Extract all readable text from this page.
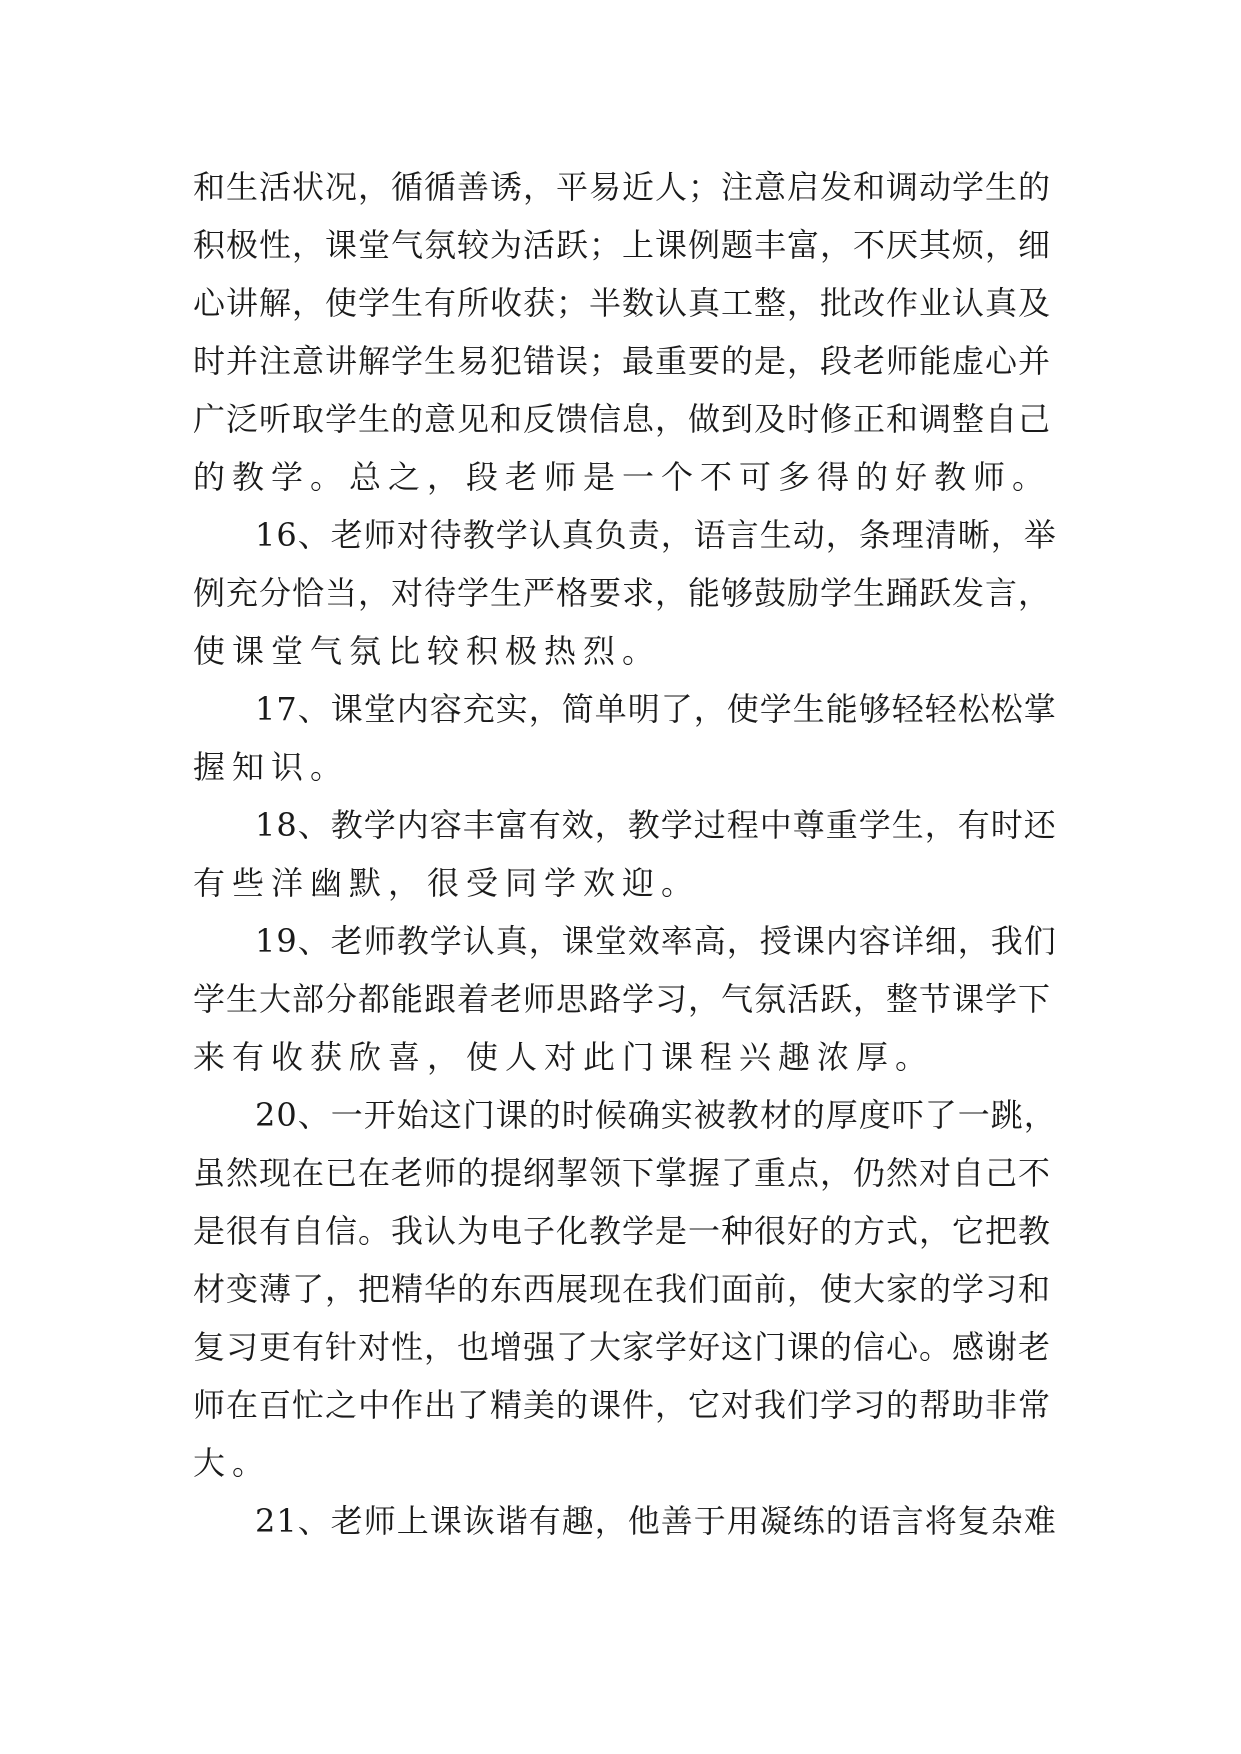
和生活状况，循循善诱，平易近人；注意启发和调动学生的
积极性，课堂气氛较为活跃；上课例题丰富，不厌其烦，细
心讲解，使学生有所收获；半数认真工整，批改作业认真及
时并注意讲解学生易犯错误；最重要的是，段老师能虚心并
广泛听取学生的意见和反馈信息，做到及时修正和调整自己
的教学。总之，段老师是一个不可多得的好教师。
16、老师对待教学认真负责，语言生动，条理清晰，举
例充分恰当，对待学生严格要求，能够鼓励学生踊跃发言，
使课堂气氛比较积极热烈。
17、课堂内容充实，简单明了，使学生能够轻轻松松掌
握知识。
18、教学内容丰富有效，教学过程中尊重学生，有时还
有些洋幽默，很受同学欢迎。
19、老师教学认真，课堂效率高，授课内容详细，我们
学生大部分都能跟着老师思路学习，气氛活跃，整节课学下
来有收获欣喜，使人对此门课程兴趣浓厚。
20、一开始这门课的时候确实被教材的厚度吓了一跳，
虽然现在已在老师的提纲挈领下掌握了重点，仍然对自己不
是很有自信。我认为电子化教学是一种很好的方式，它把教
材变薄了，把精华的东西展现在我们面前，使大家的学习和
复习更有针对性，也增强了大家学好这门课的信心。感谢老
师在百忙之中作出了精美的课件，它对我们学习的帮助非常
大。
21、老师上课诙谐有趣，他善于用凝练的语言将复杂难
